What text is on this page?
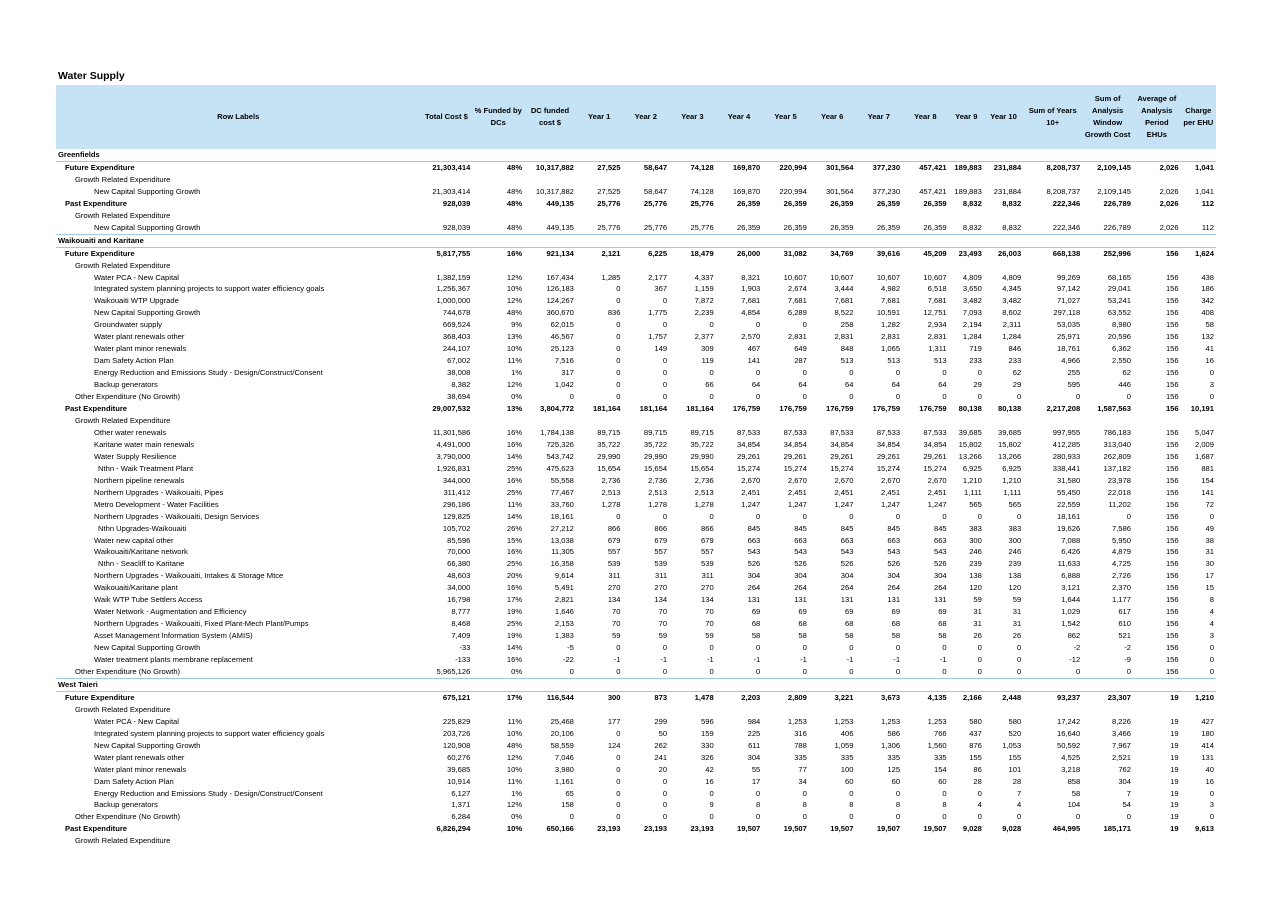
Water Supply
Row Labels	Total Cost $	% Funded by DCs	DC funded cost $	Year 1	Year 2	Year 3	Year 4	Year 5	Year 6	Year 7	Year 8	Year 9	Year 10	Sum of Years 10+	Sum of Analysis Window Growth Cost	Average of Analysis Period EHUs	Charge per EHU
Greenfields																	
Future Expenditure	21,303,414	48%	10,317,882	27,525	58,647	74,128	169,870	220,994	301,564	377,230	457,421	189,883	231,884	8,208,737	2,109,145	2,026	1,041
Growth Related Expenditure																	
New Capital Supporting Growth	21,303,414	48%	10,317,882	27,525	58,647	74,128	169,870	220,994	301,564	377,230	457,421	189,883	231,884	8,208,737	2,109,145	2,026	1,041
Past Expenditure	928,039	48%	449,135	25,776	25,776	25,776	26,359	26,359	26,359	26,359	26,359	8,832	8,832	222,346	226,789	2,026	112
Growth Related Expenditure																	
New Capital Supporting Growth	928,039	48%	449,135	25,776	25,776	25,776	26,359	26,359	26,359	26,359	26,359	8,832	8,832	222,346	226,789	2,026	112
Waikouaiti and Karitane																	
Future Expenditure	5,817,755	16%	921,134	2,121	6,225	18,479	26,000	31,082	34,769	39,616	45,209	23,493	26,003	668,138	252,996	156	1,624
Growth Related Expenditure																	
Water PCA - New Capital	1,382,159	12%	167,434	1,285	2,177	4,337	8,321	10,607	10,607	10,607	10,607	4,809	4,809	99,269	68,165	156	438
Integrated system planning projects to support water efficiency goals	1,256,367	10%	126,183	0	367	1,159	1,903	2,674	3,444	4,982	6,518	3,650	4,345	97,142	29,041	156	186
Waikouaiti WTP Upgrade	1,000,000	12%	124,267	0	0	7,872	7,681	7,681	7,681	7,681	7,681	3,482	3,482	71,027	53,241	156	342
New Capital Supporting Growth	744,678	48%	360,670	836	1,775	2,239	4,854	6,289	8,522	10,591	12,751	7,093	8,602	297,118	63,552	156	408
Groundwater supply	669,524	9%	62,015	0	0	0	0	0	258	1,282	2,934	2,194	2,311	53,035	8,980	156	58
Water plant renewals other	368,403	13%	46,567	0	1,757	2,377	2,570	2,831	2,831	2,831	2,831	1,284	1,284	25,971	20,596	156	132
Water plant minor renewals	244,107	10%	25,123	0	149	309	467	649	848	1,065	1,311	719	846	18,761	6,362	156	41
Dam Safety Action Plan	67,002	11%	7,516	0	0	119	141	287	513	513	513	233	233	4,966	2,550	156	16
Energy Reduction and Emissions Study - Design/Construct/Consent	38,008	1%	317	0	0	0	0	0	0	0	0	0	62	255	62	156	0
Backup generators	8,382	12%	1,042	0	0	66	64	64	64	64	64	29	29	595	446	156	3
Other Expenditure (No Growth)	38,694	0%	0	0	0	0	0	0	0	0	0	0	0	0	0	156	0
Past Expenditure	29,007,532	13%	3,804,772	181,164	181,164	181,164	176,759	176,759	176,759	176,759	176,759	80,138	80,138	2,217,208	1,587,563	156	10,191
Growth Related Expenditure																	
Other water renewals	11,301,586	16%	1,784,138	89,715	89,715	89,715	87,533	87,533	87,533	87,533	87,533	39,685	39,685	997,955	786,183	156	5,047
Karitane water main renewals	4,491,000	16%	725,326	35,722	35,722	35,722	34,854	34,854	34,854	34,854	34,854	15,802	15,802	412,285	313,040	156	2,009
Water Supply Resilience	3,790,000	14%	543,742	29,990	29,990	29,990	29,261	29,261	29,261	29,261	29,261	13,266	13,266	280,933	262,809	156	1,687
Nthn - Waik Treatment Plant	1,926,831	25%	475,623	15,654	15,654	15,654	15,274	15,274	15,274	15,274	15,274	6,925	6,925	338,441	137,182	156	881
Northern pipeline renewals	344,000	16%	55,558	2,736	2,736	2,736	2,670	2,670	2,670	2,670	2,670	1,210	1,210	31,580	23,978	156	154
Northern Upgrades - Waikouaiti, Pipes	311,412	25%	77,467	2,513	2,513	2,513	2,451	2,451	2,451	2,451	2,451	1,111	1,111	55,450	22,018	156	141
Metro Development - Water Facilities	296,186	11%	33,760	1,278	1,278	1,278	1,247	1,247	1,247	1,247	1,247	565	565	22,559	11,202	156	72
Northern Upgrades - Waikouaiti, Design Services	129,825	14%	18,161	0	0	0	0	0	0	0	0	0	0	18,161	0	156	0
Nthn Upgrades-Waikouaiti	105,702	26%	27,212	866	866	866	845	845	845	845	845	383	383	19,626	7,586	156	49
Water new capital other	85,596	15%	13,038	679	679	679	663	663	663	663	663	300	300	7,088	5,950	156	38
Waikouaiti/Karitane network	70,000	16%	11,305	557	557	557	543	543	543	543	543	246	246	6,426	4,879	156	31
Nthn - Seacliff to Karitane	66,380	25%	16,358	539	539	539	526	526	526	526	526	239	239	11,633	4,725	156	30
Northern Upgrades - Waikouaiti, Intakes & Storage Mtce	48,603	20%	9,614	311	311	311	304	304	304	304	304	138	138	6,888	2,726	156	17
Waikouaiti/Karitane plant	34,000	16%	5,491	270	270	270	264	264	264	264	264	120	120	3,121	2,370	156	15
Waik WTP Tube Settlers Access	16,798	17%	2,821	134	134	134	131	131	131	131	131	59	59	1,644	1,177	156	8
Water Network - Augmentation and Efficiency	8,777	19%	1,646	70	70	70	69	69	69	69	69	31	31	1,029	617	156	4
Northern Upgrades - Waikouaiti, Fixed Plant-Mech Plant/Pumps	8,468	25%	2,153	70	70	70	68	68	68	68	68	31	31	1,542	610	156	4
Asset Management Information System (AMIS)	7,409	19%	1,383	59	59	59	58	58	58	58	58	26	26	862	521	156	3
New Capital Supporting Growth	-33	14%	-5	0	0	0	0	0	0	0	0	0	0	-2	-2	156	0
Water treatment plants membrane replacement	-133	16%	-22	-1	-1	-1	-1	-1	-1	-1	-1	0	0	-12	-9	156	0
Other Expenditure (No Growth)	5,965,126	0%	0	0	0	0	0	0	0	0	0	0	0	0	0	156	0
West Taieri																	
Future Expenditure	675,121	17%	116,544	300	873	1,478	2,203	2,809	3,221	3,673	4,135	2,166	2,448	93,237	23,307	19	1,210
Growth Related Expenditure																	
Water PCA - New Capital	225,829	11%	25,468	177	299	596	984	1,253	1,253	1,253	1,253	580	580	17,242	8,226	19	427
Integrated system planning projects to support water efficiency goals	203,726	10%	20,106	0	50	159	225	316	406	586	766	437	520	16,640	3,466	19	180
New Capital Supporting Growth	120,908	48%	58,559	124	262	330	611	788	1,059	1,306	1,560	876	1,053	50,592	7,967	19	414
Water plant renewals other	60,276	12%	7,046	0	241	326	304	335	335	335	335	155	155	4,525	2,521	19	131
Water plant minor renewals	39,685	10%	3,980	0	20	42	55	77	100	125	154	86	101	3,218	762	19	40
Dam Safety Action Plan	10,914	11%	1,161	0	0	16	17	34	60	60	60	28	28	858	304	19	16
Energy Reduction and Emissions Study - Design/Construct/Consent	6,127	1%	65	0	0	0	0	0	0	0	0	0	7	58	7	19	0
Backup generators	1,371	12%	158	0	0	9	8	8	8	8	8	4	4	104	54	19	3
Other Expenditure (No Growth)	6,284	0%	0	0	0	0	0	0	0	0	0	0	0	0	0	19	0
Past Expenditure	6,826,294	10%	650,166	23,193	23,193	23,193	19,507	19,507	19,507	19,507	19,507	9,028	9,028	464,995	185,171	19	9,613
Growth Related Expenditure																	
